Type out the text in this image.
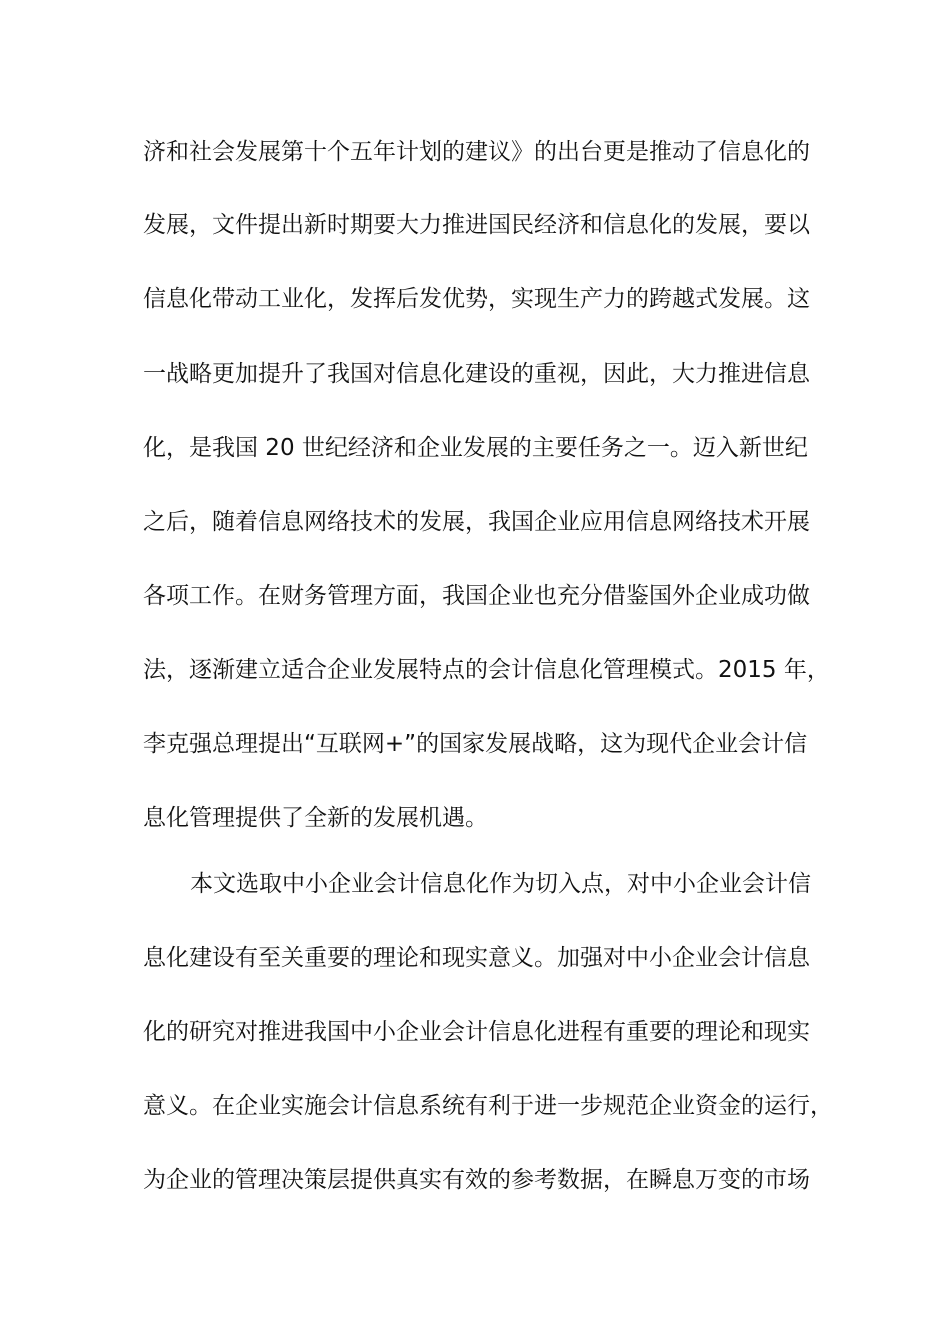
济和社会发展第十个五年计划的建议》的出台更是推动了信息化的
发展，文件提出新时期要大力推进国民经济和信息化的发展，要以
信息化带动工业化，发挥后发优势，实现生产力的跨越式发展。这
一战略更加提升了我国对信息化建设的重视，因此，大力推进信息
化，是我国 20 世纪经济和企业发展的主要任务之一。迈入新世纪
之后，随着信息网络技术的发展，我国企业应用信息网络技术开展
各项工作。在财务管理方面，我国企业也充分借鉴国外企业成功做
法，逐渐建立适合企业发展特点的会计信息化管理模式。2015 年，
李克强总理提出“互联网+”的国家发展战略，这为现代企业会计信
息化管理提供了全新的发展机遇。
本文选取中小企业会计信息化作为切入点，对中小企业会计信
息化建设有至关重要的理论和现实意义。加强对中小企业会计信息
化的研究对推进我国中小企业会计信息化进程有重要的理论和现实
意义。在企业实施会计信息系统有利于进一步规范企业资金的运行，
为企业的管理决策层提供真实有效的参考数据，在瞬息万变的市场
